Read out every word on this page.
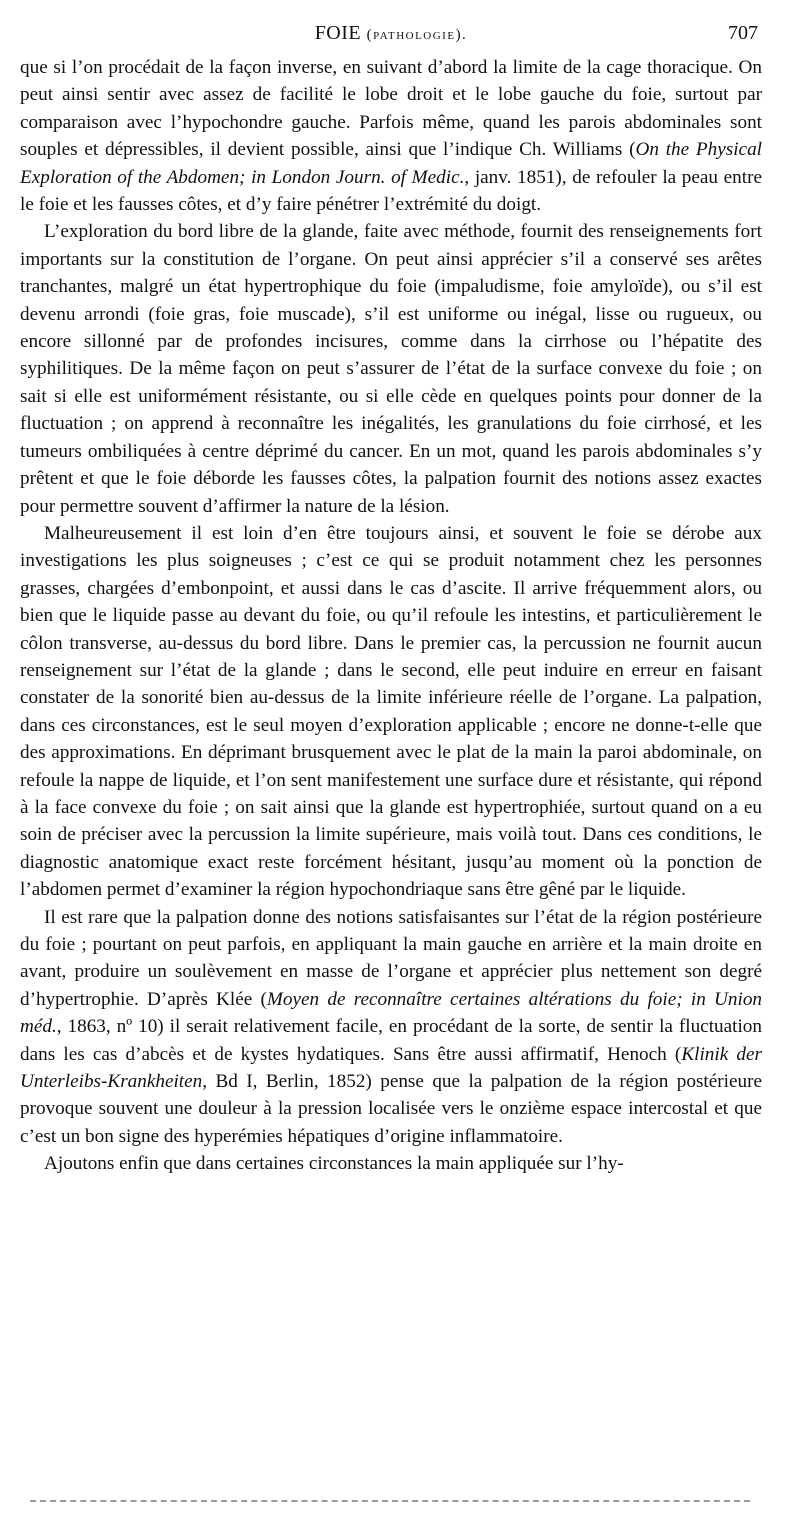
FOIE (pathologie).	707

que si l’on procédait de la façon inverse, en suivant d’abord la limite de la cage thoracique. On peut ainsi sentir avec assez de facilité le lobe droit et le lobe gauche du foie, surtout par comparaison avec l’hypochondre gauche. Parfois même, quand les parois abdominales sont souples et dépressibles, il devient possible, ainsi que l’indique Ch. Williams (On the Physical Exploration of the Abdomen; in London Journ. of Medic., janv. 1851), de refouler la peau entre le foie et les fausses côtes, et d’y faire pénétrer l’extrémité du doigt.

L’exploration du bord libre de la glande, faite avec méthode, fournit des renseignements fort importants sur la constitution de l’organe. On peut ainsi apprécier s’il a conservé ses arêtes tranchantes, malgré un état hypertrophique du foie (impaludisme, foie amyloïde), ou s’il est devenu arrondi (foie gras, foie muscade), s’il est uniforme ou inégal, lisse ou rugueux, ou encore sillonné par de profondes incisures, comme dans la cirrhose ou l’hépatite des syphilitiques. De la même façon on peut s’assurer de l’état de la surface convexe du foie ; on sait si elle est uniformément résistante, ou si elle cède en quelques points pour donner de la fluctuation ; on apprend à reconnaître les inégalités, les granulations du foie cirrhosé, et les tumeurs ombiliquées à centre déprimé du cancer. En un mot, quand les parois abdominales s’y prêtent et que le foie déborde les fausses côtes, la palpation fournit des notions assez exactes pour permettre souvent d’affirmer la nature de la lésion.

Malheureusement il est loin d’en être toujours ainsi, et souvent le foie se dérobe aux investigations les plus soigneuses ; c’est ce qui se produit notamment chez les personnes grasses, chargées d’embonpoint, et aussi dans le cas d’ascite. Il arrive fréquemment alors, ou bien que le liquide passe au devant du foie, ou qu’il refoule les intestins, et particulièrement le côlon transverse, au-dessus du bord libre. Dans le premier cas, la percussion ne fournit aucun renseignement sur l’état de la glande ; dans le second, elle peut induire en erreur en faisant constater de la sonorité bien au-dessus de la limite inférieure réelle de l’organe. La palpation, dans ces circonstances, est le seul moyen d’exploration applicable ; encore ne donne-t-elle que des approximations. En déprimant brusquement avec le plat de la main la paroi abdominale, on refoule la nappe de liquide, et l’on sent manifestement une surface dure et résistante, qui répond à la face convexe du foie ; on sait ainsi que la glande est hypertrophiée, surtout quand on a eu soin de préciser avec la percussion la limite supérieure, mais voilà tout. Dans ces conditions, le diagnostic anatomique exact reste forcément hésitant, jusqu’au moment où la ponction de l’abdomen permet d’examiner la région hypochondriaque sans être gêné par le liquide.

Il est rare que la palpation donne des notions satisfaisantes sur l’état de la région postérieure du foie ; pourtant on peut parfois, en appliquant la main gauche en arrière et la main droite en avant, produire un soulèvement en masse de l’organe et apprécier plus nettement son degré d’hypertrophie. D’après Klée (Moyen de reconnaître certaines altérations du foie; in Union méd., 1863, nº 10) il serait relativement facile, en procédant de la sorte, de sentir la fluctuation dans les cas d’abcès et de kystes hydatiques. Sans être aussi affirmatif, Henoch (Klinik der Unterleibs-Krankheiten, Bd I, Berlin, 1852) pense que la palpation de la région postérieure provoque souvent une douleur à la pression localisée vers le onzième espace intercostal et que c’est un bon signe des hyperémies hépatiques d’origine inflammatoire.

Ajoutons enfin que dans certaines circonstances la main appliquée sur l’hy-
